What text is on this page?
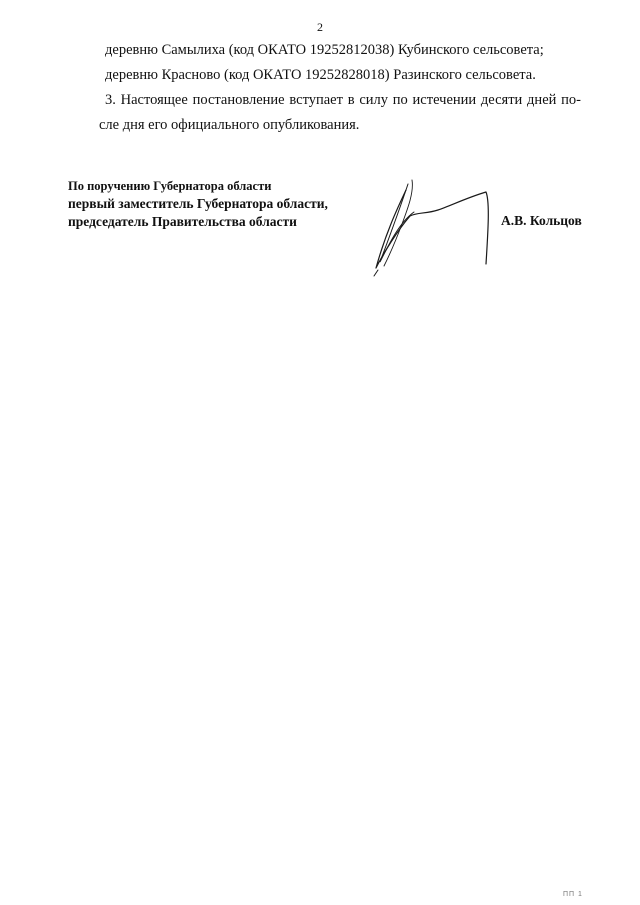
2

деревню Самылиха (код ОКАТО 19252812038) Кубинского сельсовета;

деревню Красново (код ОКАТО 19252828018) Разинского сельсовета.

3. Настоящее постановление вступает в силу по истечении десяти дней по-

сле дня его официального опубликования.

По поручению Губернатора области
первый заместитель Губернатора области,
председатель Правительства области	А.В. Кольцов
ПП 1
